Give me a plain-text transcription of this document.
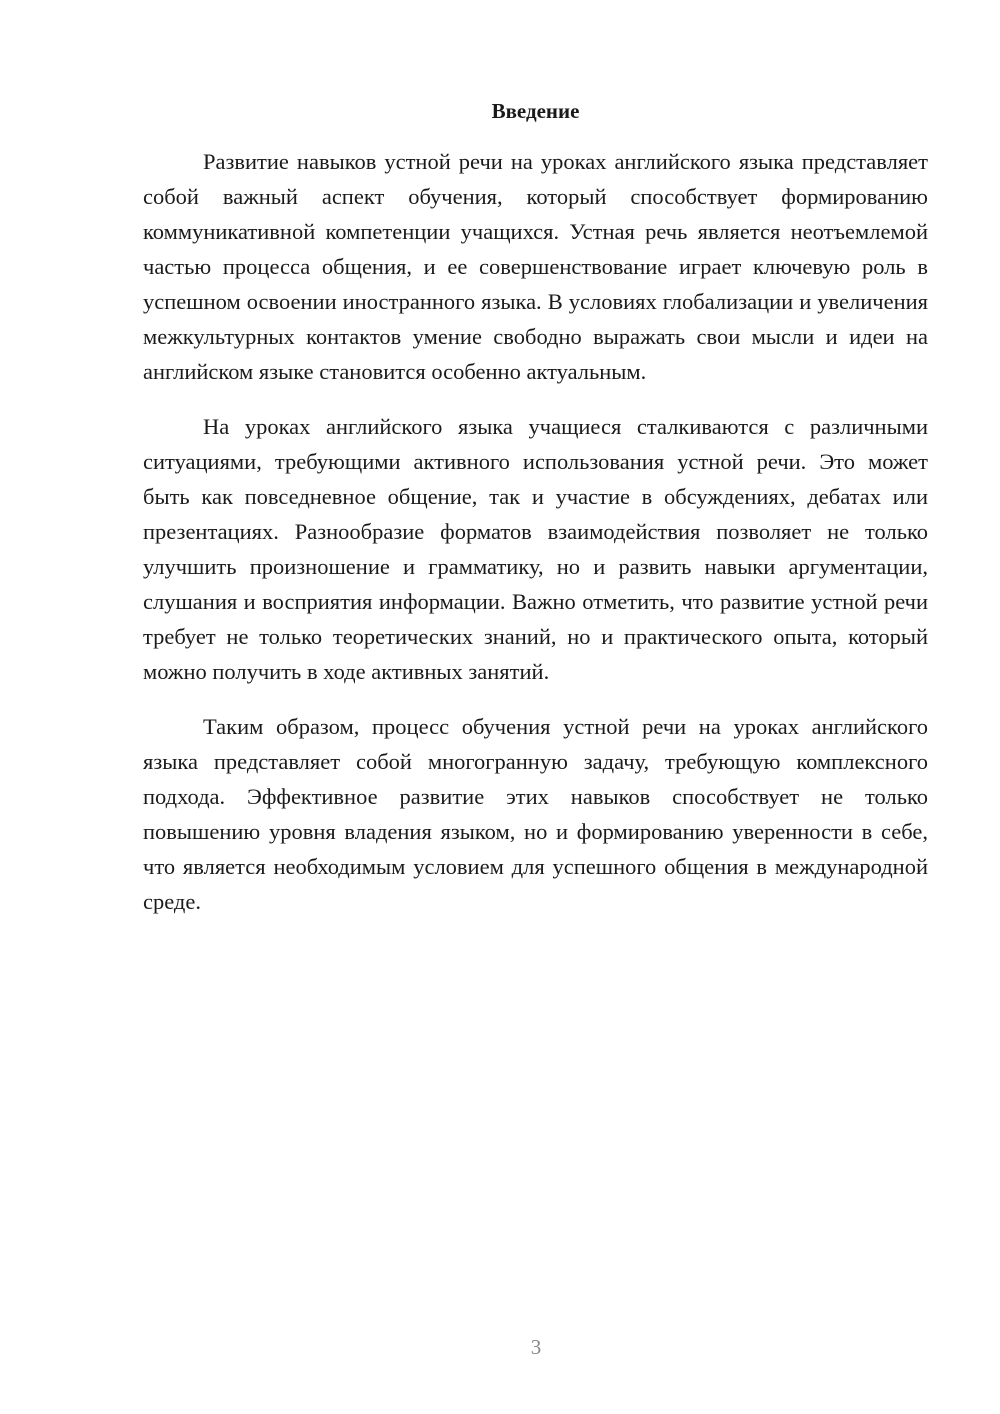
Введение

Развитие навыков устной речи на уроках английского языка представляет собой важный аспект обучения, который способствует формированию коммуникативной компетенции учащихся. Устная речь является неотъемлемой частью процесса общения, и ее совершенствование играет ключевую роль в успешном освоении иностранного языка. В условиях глобализации и увеличения межкультурных контактов умение свободно выражать свои мысли и идеи на английском языке становится особенно актуальным.

На уроках английского языка учащиеся сталкиваются с различными ситуациями, требующими активного использования устной речи. Это может быть как повседневное общение, так и участие в обсуждениях, дебатах или презентациях. Разнообразие форматов взаимодействия позволяет не только улучшить произношение и грамматику, но и развить навыки аргументации, слушания и восприятия информации. Важно отметить, что развитие устной речи требует не только теоретических знаний, но и практического опыта, который можно получить в ходе активных занятий.

Таким образом, процесс обучения устной речи на уроках английского языка представляет собой многогранную задачу, требующую комплексного подхода. Эффективное развитие этих навыков способствует не только повышению уровня владения языком, но и формированию уверенности в себе, что является необходимым условием для успешного общения в международной среде.

3
